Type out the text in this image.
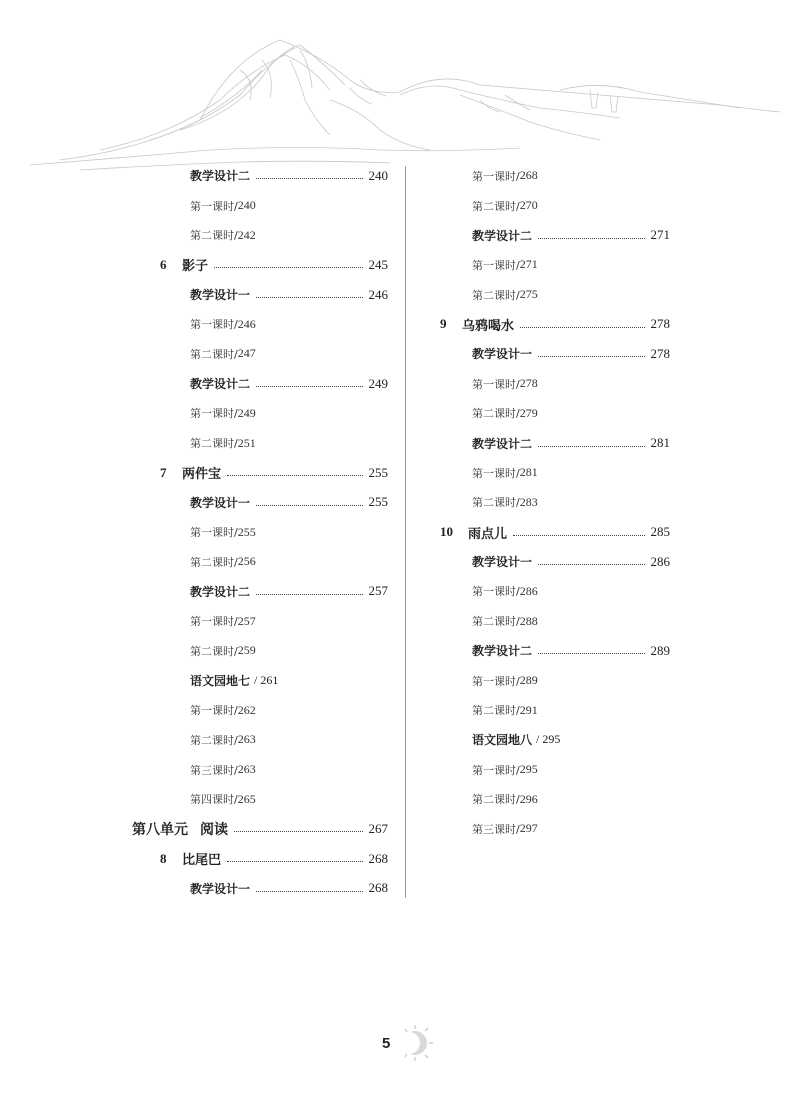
教学设计二	240
第一课时/ 240
第二课时/ 242
6 影子	245
教学设计一	246
第一课时/ 246
第二课时/ 247
教学设计二	249
第一课时/ 249
第二课时/ 251
7 两件宝	255
教学设计一	255
第一课时/ 255
第二课时/ 256
教学设计二	257
第一课时/ 257
第二课时/ 259
语文园地七 / 261
第一课时/ 262
第二课时/ 263
第三课时/ 263
第四课时/ 265
第八单元 阅读	267
8 比尾巴	268
教学设计一	268
第一课时/ 268
第二课时/ 270
教学设计二	271
第一课时/ 271
第二课时/ 275
9 乌鸦喝水	278
教学设计一	278
第一课时/ 278
第二课时/ 279
教学设计二	281
第一课时/ 281
第二课时/ 283
10 雨点儿	285
教学设计一	286
第一课时/ 286
第二课时/ 288
教学设计二	289
第一课时/ 289
第二课时/ 291
语文园地八 / 295
第一课时/ 295
第二课时/ 296
第三课时/ 297
5
